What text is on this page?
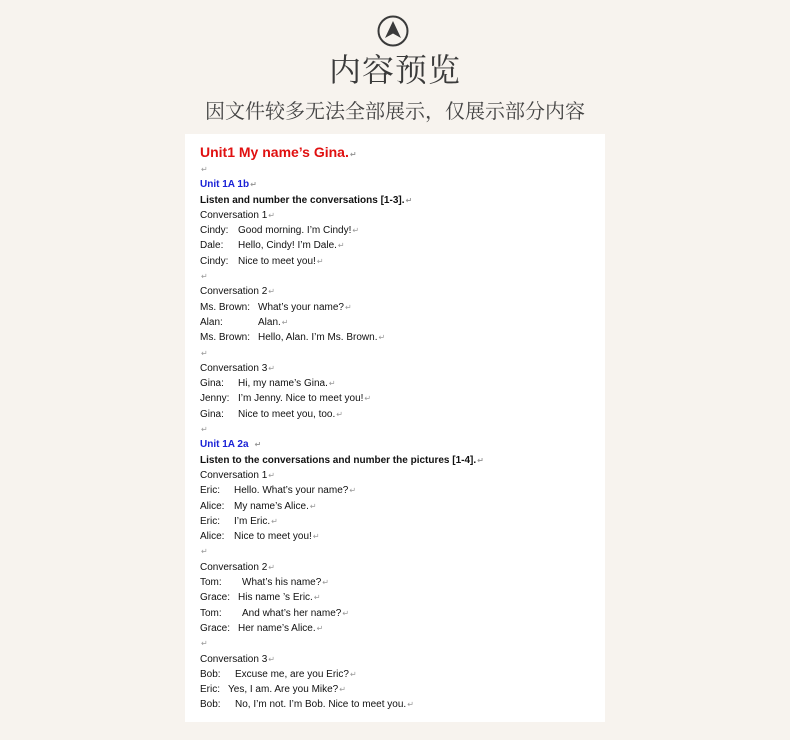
内容预览
因文件较多无法全部展示，仅展示部分内容
Unit1 My name’s Gina.↵
↵
Unit 1A 1b↵
Listen and number the conversations [1-3].↵
Conversation 1↵
Cindy: Good morning. I’m Cindy!↵
Dale: Hello, Cindy! I’m Dale.↵
Cindy: Nice to meet you!↵
↵
Conversation 2↵
Ms. Brown: What’s your name?↵
Alan:	Alan.↵
Ms. Brown: Hello, Alan. I’m Ms. Brown.↵
↵
Conversation 3↵
Gina: Hi, my name’s Gina.↵
Jenny: I’m Jenny. Nice to meet you!↵
Gina: Nice to meet you, too.↵
↵
Unit 1A 2a ↵
Listen to the conversations and number the pictures [1-4].↵
Conversation 1↵
Eric: Hello. What’s your name?↵
Alice: My name’s Alice.↵
Eric: I’m Eric.↵
Alice: Nice to meet you!↵
↵
Conversation 2↵
Tom: What’s his name?↵
Grace: His name ’s Eric.↵
Tom: And what’s her name?↵
Grace: Her name’s Alice.↵
↵
Conversation 3↵
Bob: Excuse me, are you Eric?↵
Eric: Yes, I am. Are you Mike?↵
Bob: No, I’m not. I’m Bob. Nice to meet you.↵
